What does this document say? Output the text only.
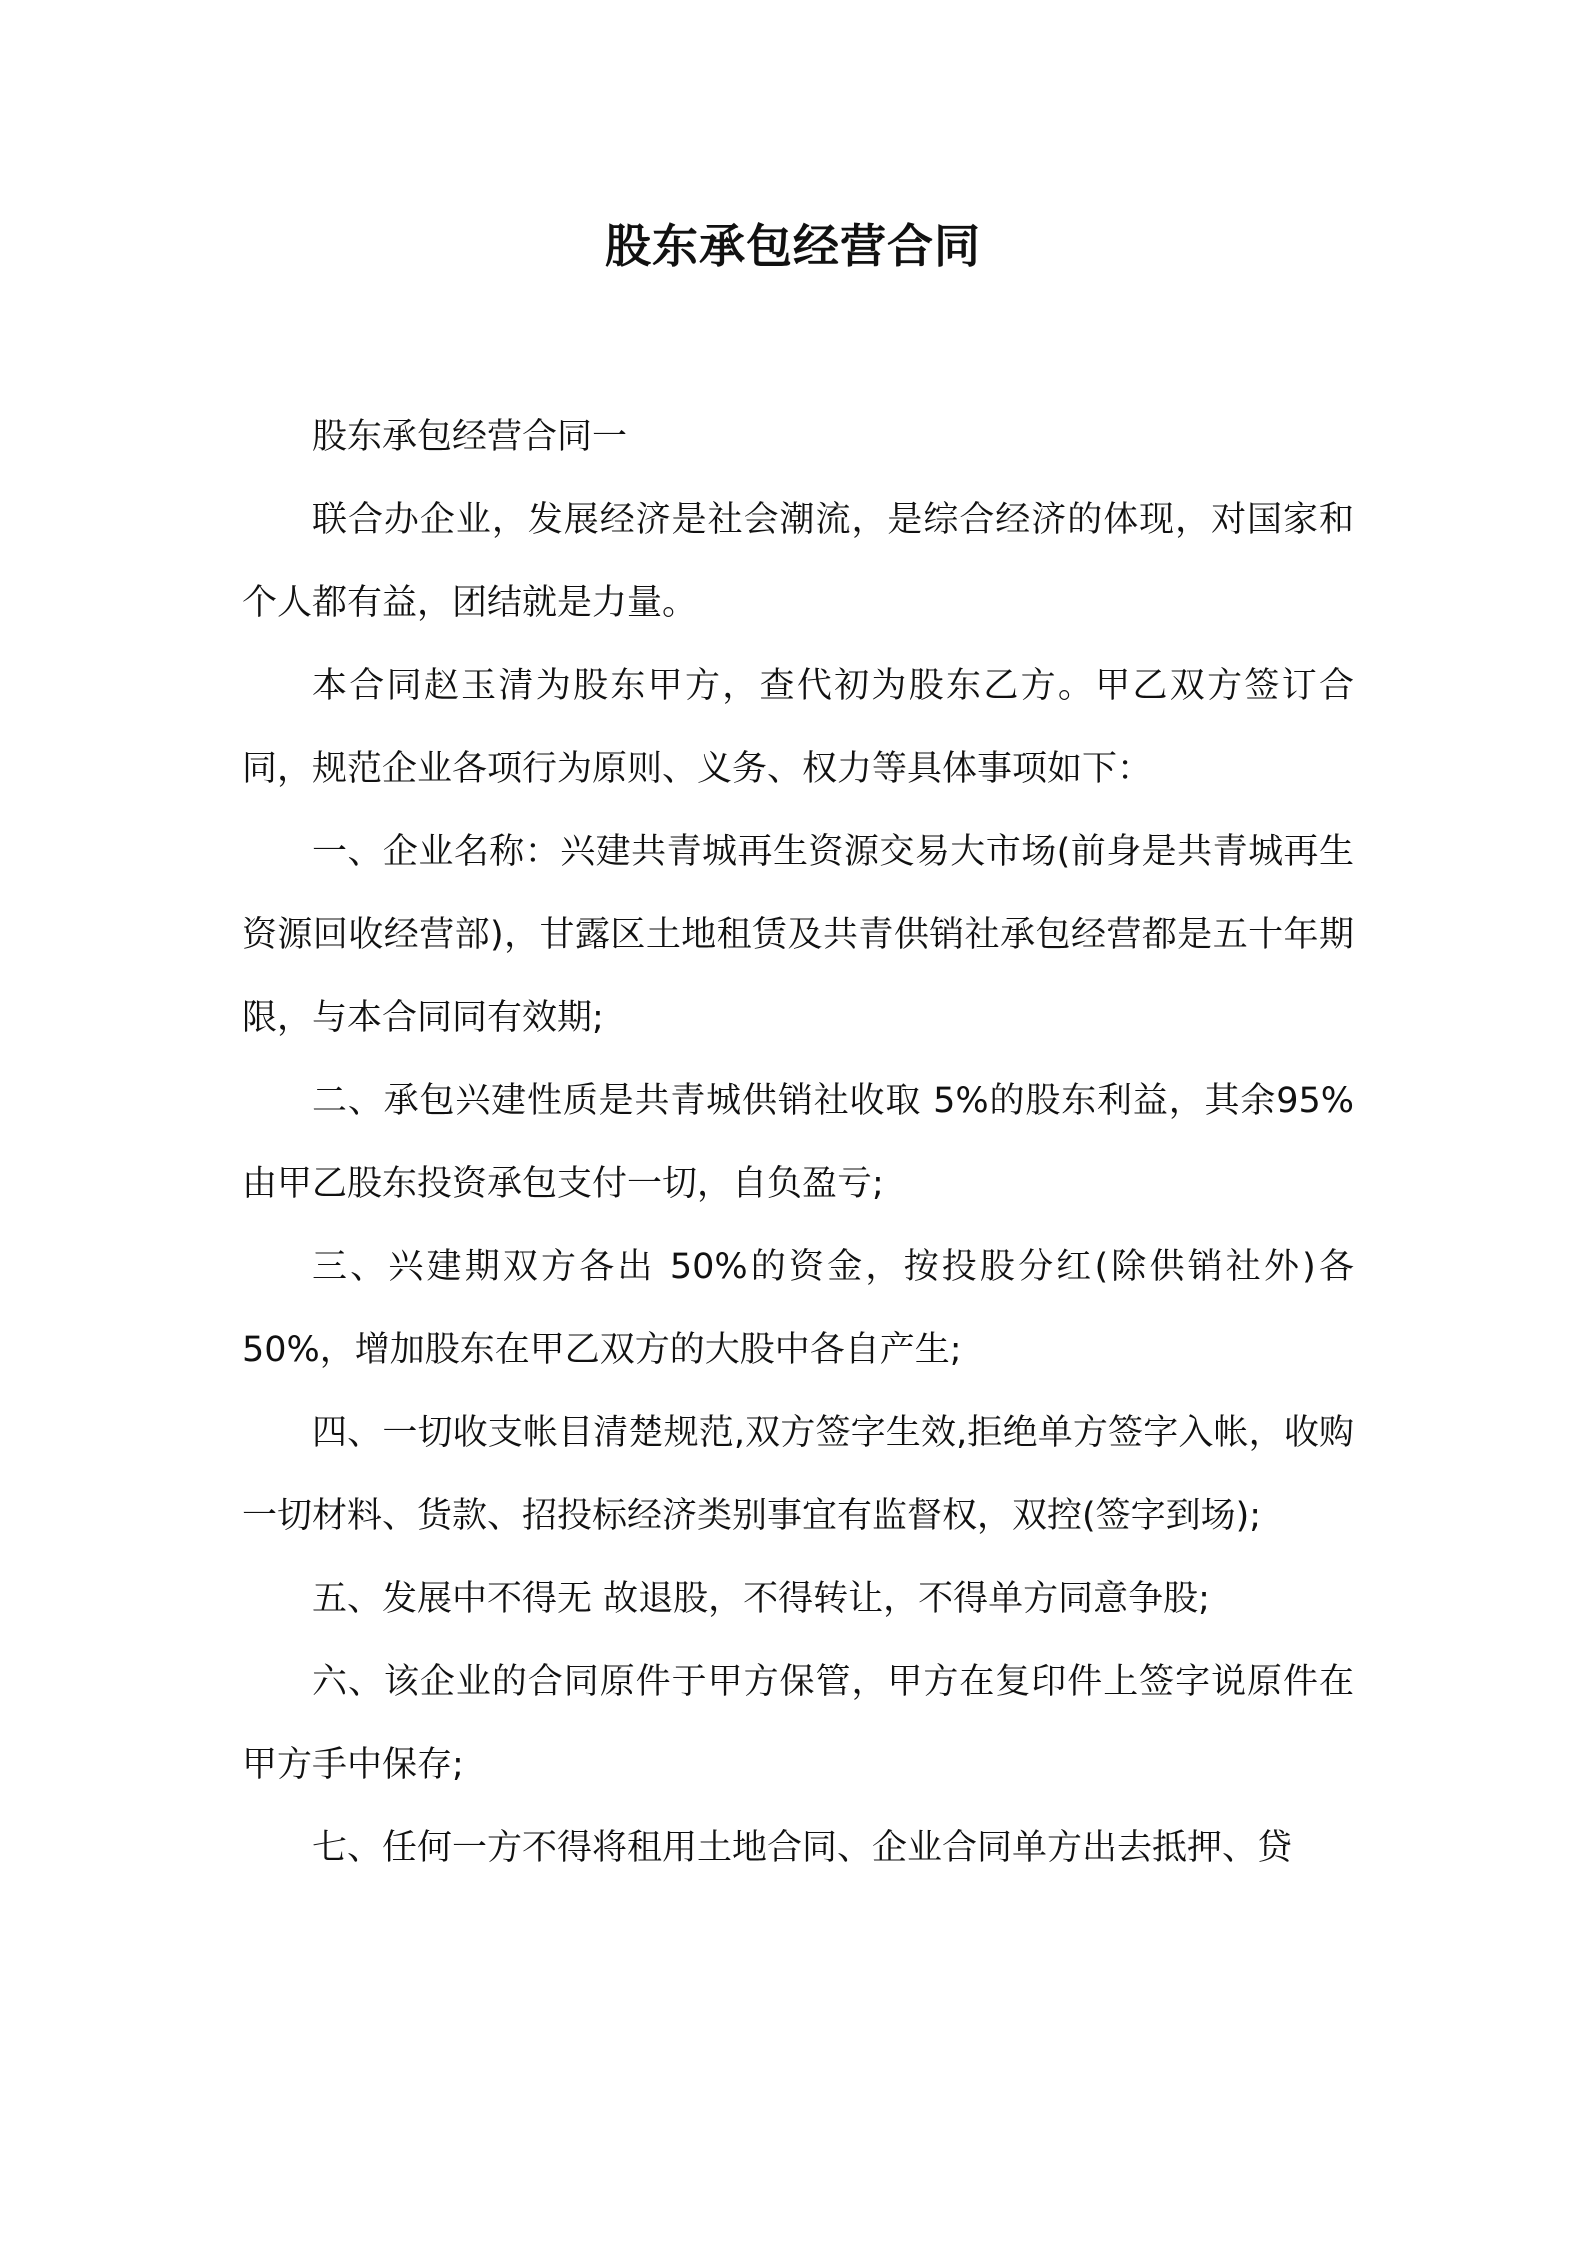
股东承包经营合同

股东承包经营合同一

联合办企业，发展经济是社会潮流，是综合经济的体现，对国家和个人都有益，团结就是力量。

本合同赵玉清为股东甲方，查代初为股东乙方。甲乙双方签订合同，规范企业各项行为原则、义务、权力等具体事项如下：

一、企业名称：兴建共青城再生资源交易大市场(前身是共青城再生资源回收经营部)，甘露区土地租赁及共青供销社承包经营都是五十年期限，与本合同同有效期;

二、承包兴建性质是共青城供销社收取 5%的股东利益，其余95%由甲乙股东投资承包支付一切，自负盈亏;

三、兴建期双方各出 50%的资金，按投股分红(除供销社外)各50%，增加股东在甲乙双方的大股中各自产生;

四、一切收支帐目清楚规范,双方签字生效,拒绝单方签字入帐，收购一切材料、货款、招投标经济类别事宜有监督权，双控(签字到场);

五、发展中不得无 故退股，不得转让，不得单方同意争股;

六、该企业的合同原件于甲方保管，甲方在复印件上签字说原件在甲方手中保存;

七、任何一方不得将租用土地合同、企业合同单方出去抵押、贷
